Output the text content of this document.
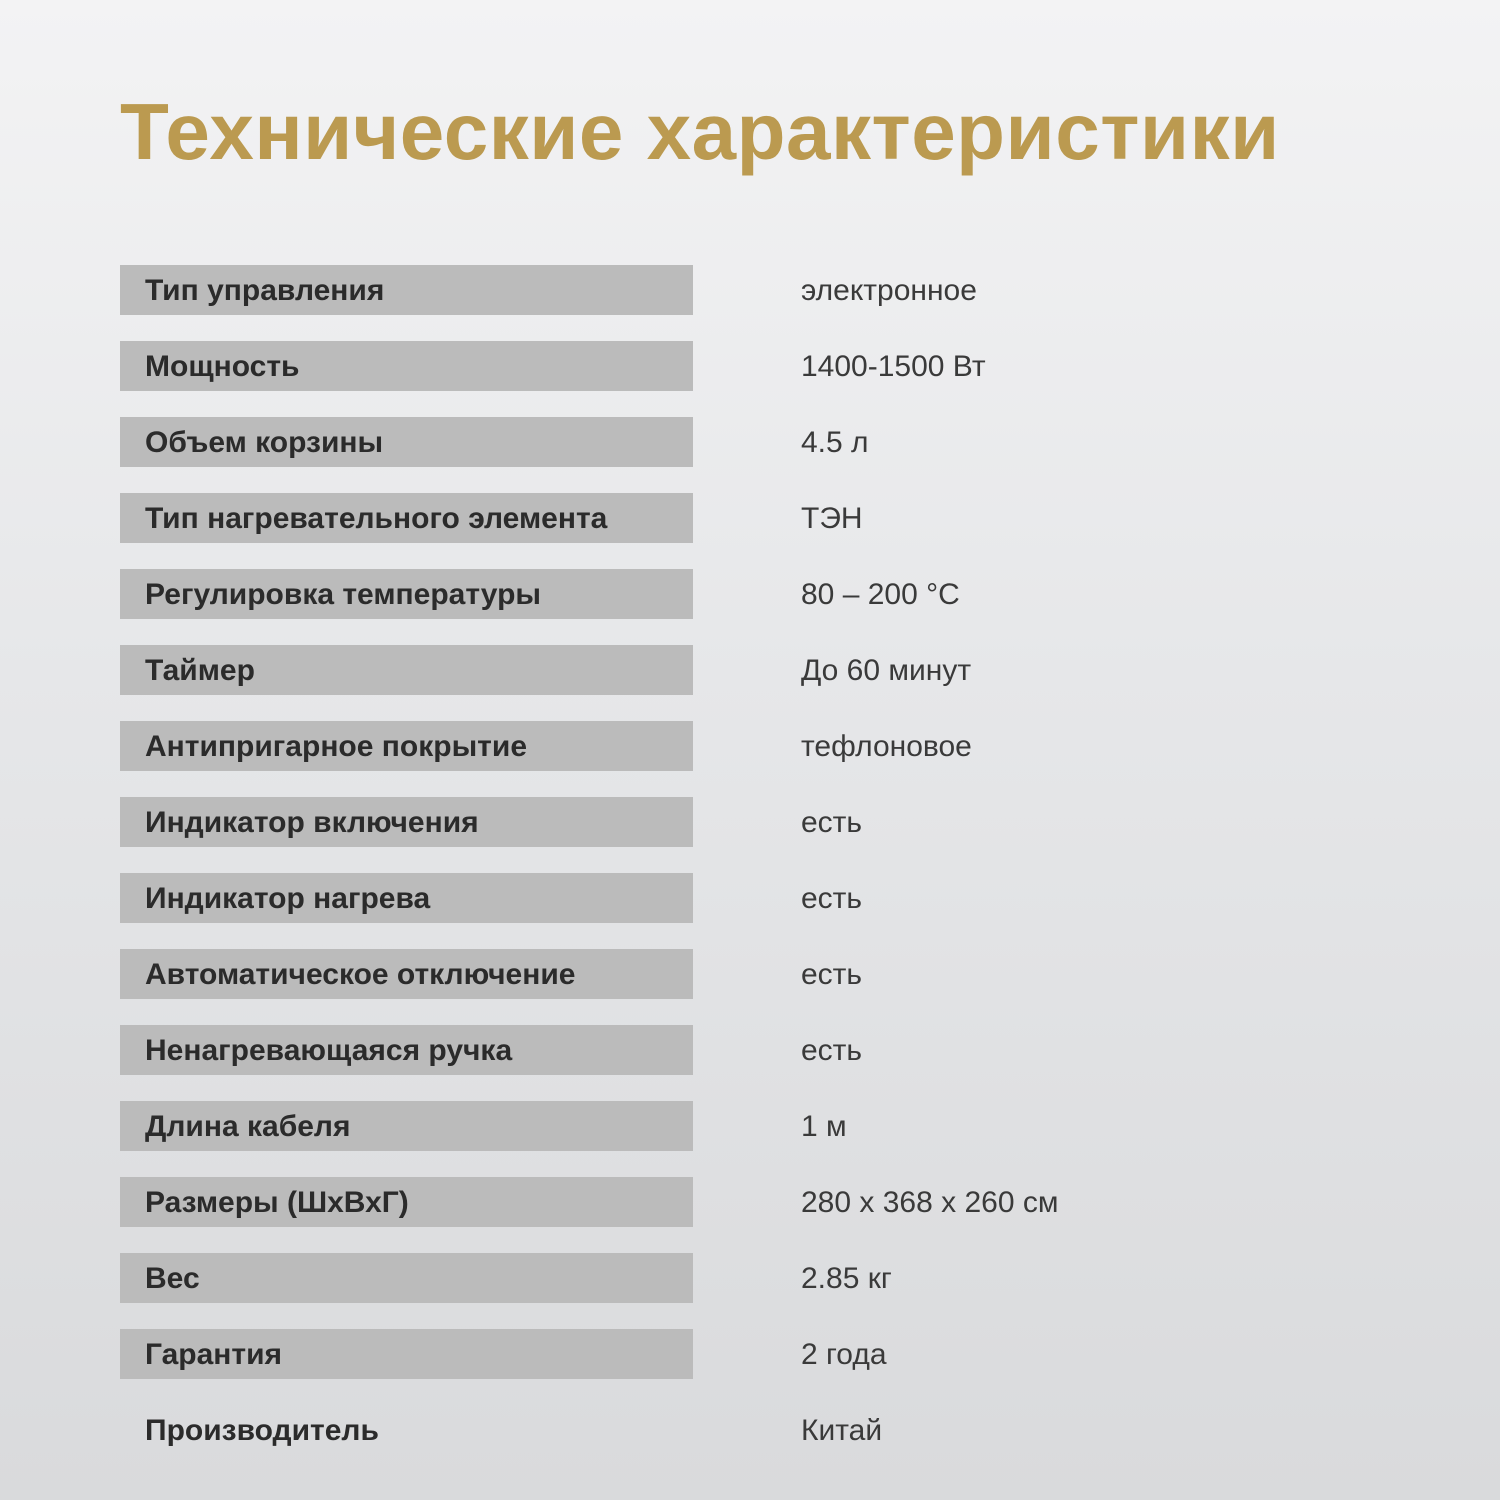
Технические характеристики
Тип управления	электронное
Мощность	1400-1500 Вт
Объем корзины	4.5 л
Тип нагревательного элемента	ТЭН
Регулировка температуры	80 – 200 °С
Таймер	До 60 минут
Антипригарное покрытие	тефлоновое
Индикатор включения	есть
Индикатор нагрева	есть
Автоматическое отключение	есть
Ненагревающаяся ручка	есть
Длина кабеля	1 м
Размеры (ШхВхГ)	280 х 368 х 260 см
Вес	2.85 кг
Гарантия	2 года
Производитель	Китай
